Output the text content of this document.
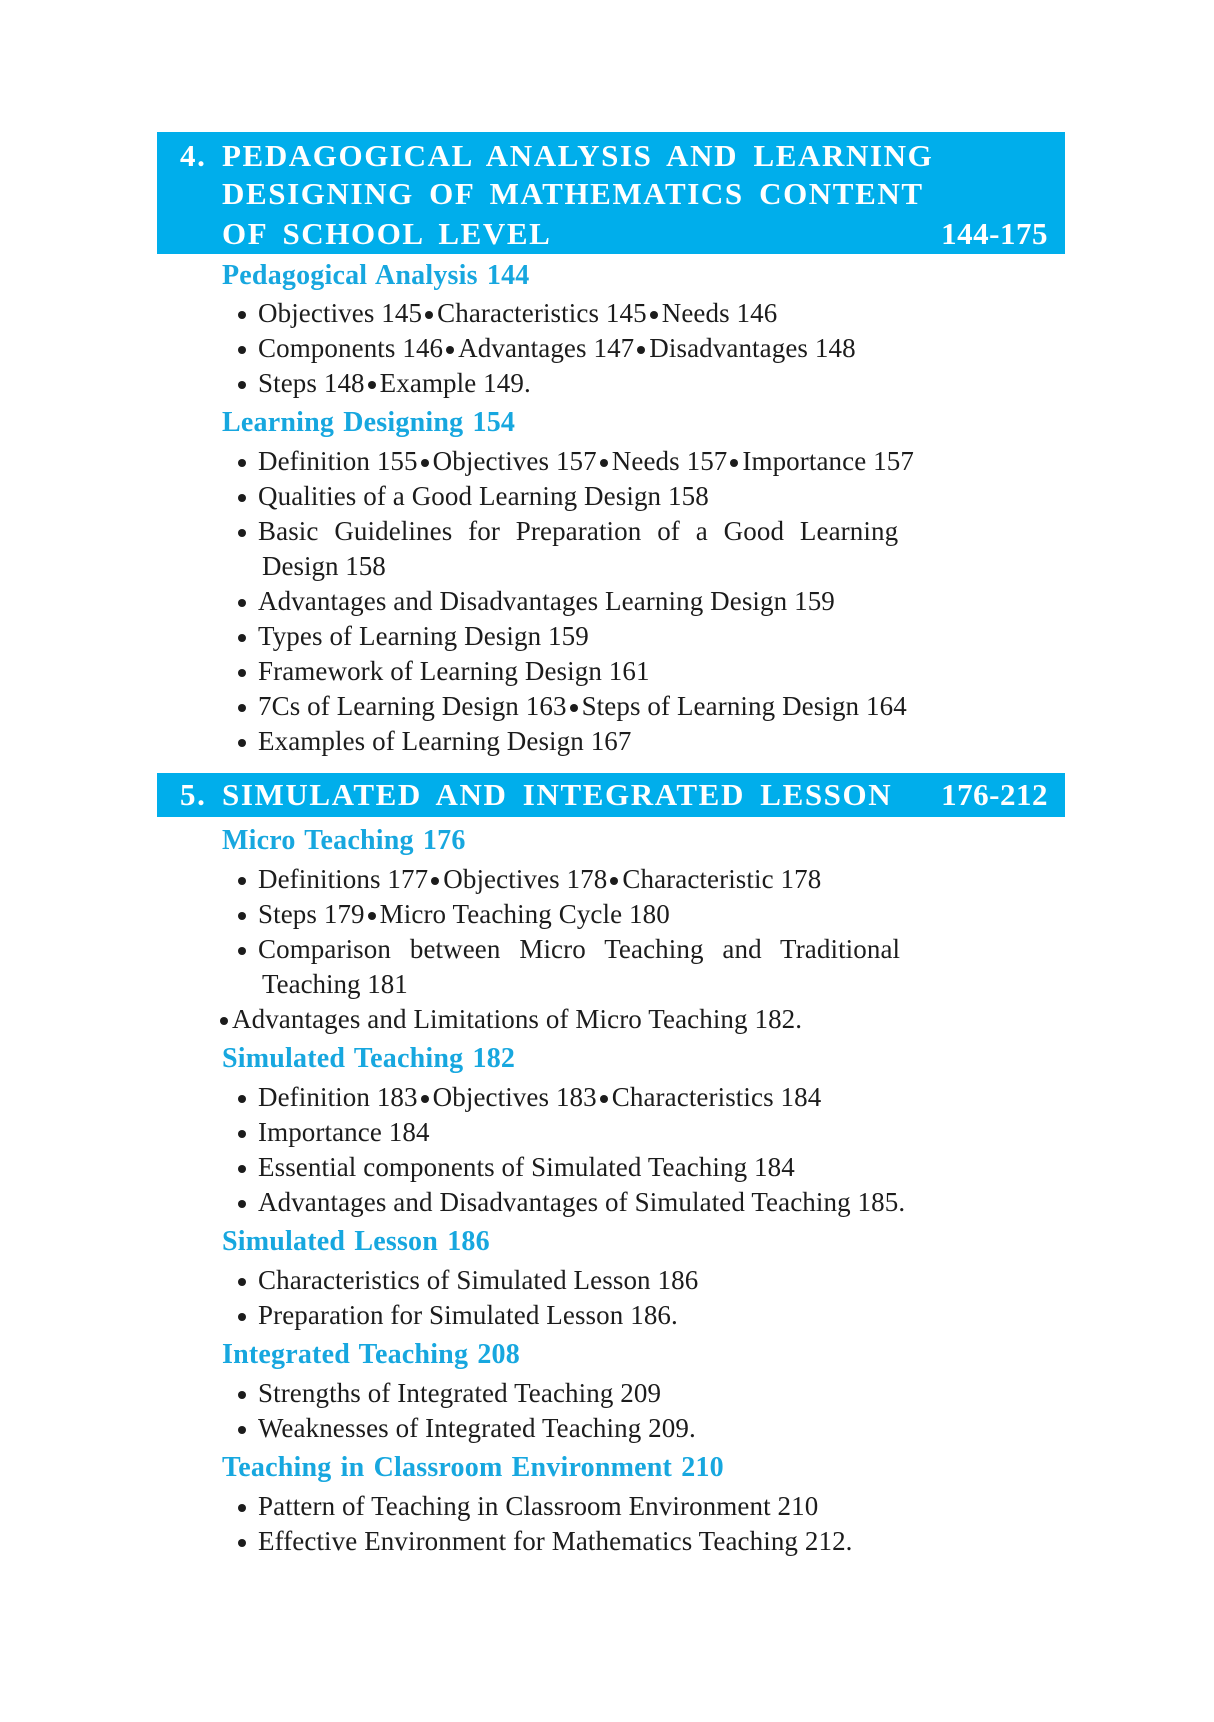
4. PEDAGOGICAL ANALYSIS AND LEARNING
DESIGNING OF MATHEMATICS CONTENT
OF SCHOOL LEVEL	144-175
Pedagogical Analysis 144
Objectives 145 Characteristics 145 Needs 146
Components 146 Advantages 147 Disadvantages 148
Steps 148 Example 149.
Learning Designing 154
Definition 155 Objectives 157 Needs 157 Importance 157
Qualities of a Good Learning Design 158
Basic Guidelines for Preparation of a Good Learning
Design 158
Advantages and Disadvantages Learning Design 159
Types of Learning Design 159
Framework of Learning Design 161
7Cs of Learning Design 163 Steps of Learning Design 164
Examples of Learning Design 167
5. SIMULATED AND INTEGRATED LESSON 176-212
Micro Teaching 176
Definitions 177 Objectives 178 Characteristic 178
Steps 179 Micro Teaching Cycle 180
Comparison between Micro Teaching and Traditional
Teaching 181
Advantages and Limitations of Micro Teaching 182.
Simulated Teaching 182
Definition 183 Objectives 183 Characteristics 184
Importance 184
Essential components of Simulated Teaching 184
Advantages and Disadvantages of Simulated Teaching 185.
Simulated Lesson 186
Characteristics of Simulated Lesson 186
Preparation for Simulated Lesson 186.
Integrated Teaching 208
Strengths of Integrated Teaching 209
Weaknesses of Integrated Teaching 209.
Teaching in Classroom Environment 210
Pattern of Teaching in Classroom Environment 210
Effective Environment for Mathematics Teaching 212.
